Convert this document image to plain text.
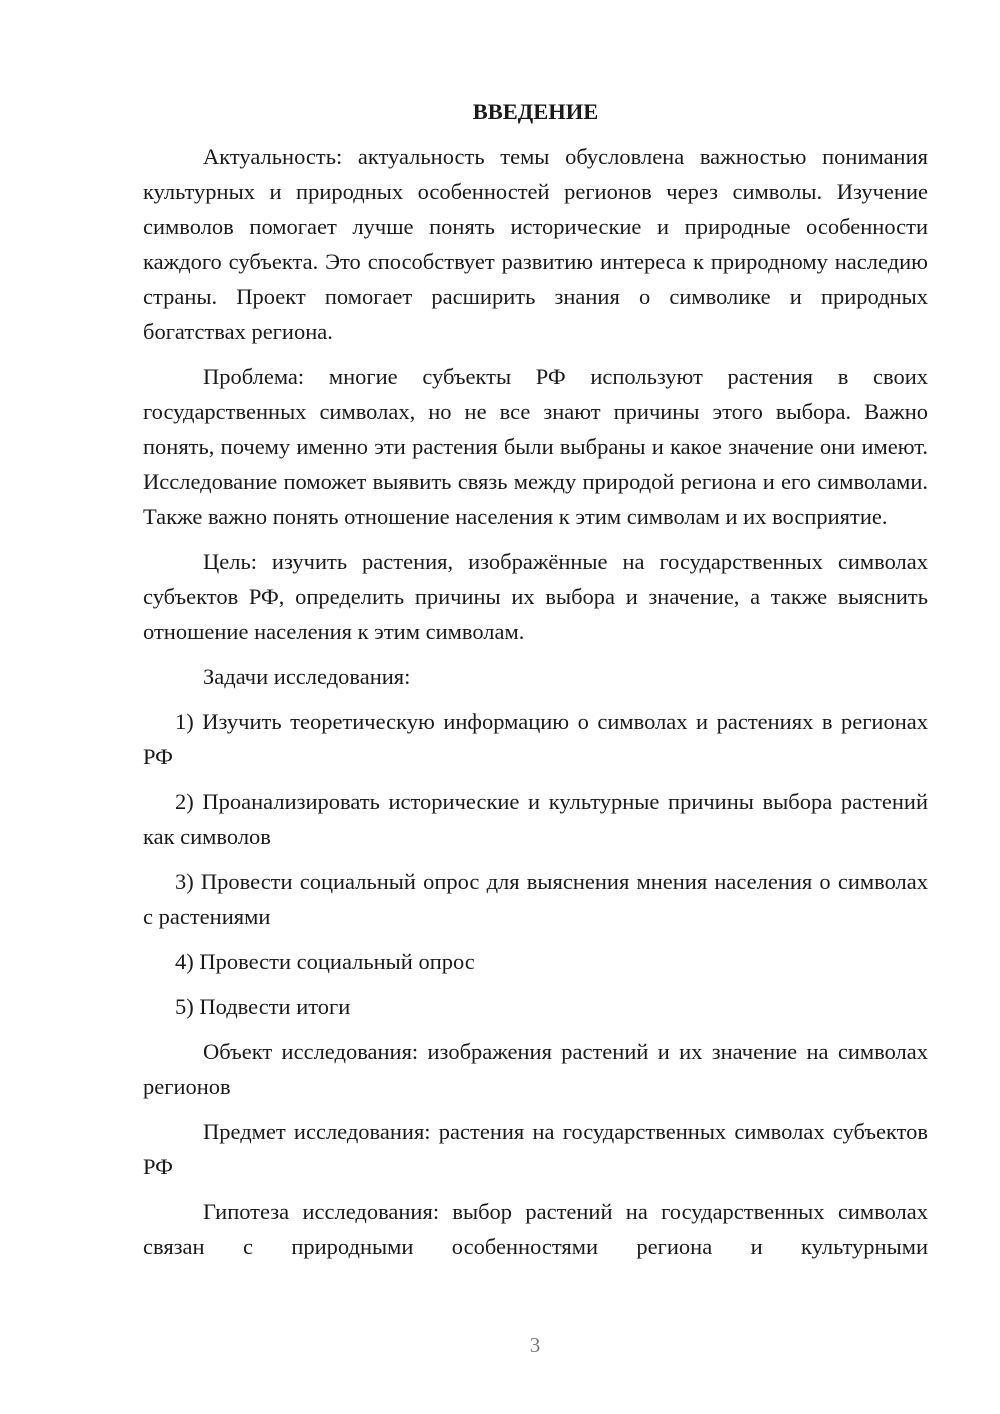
ВВЕДЕНИЕ

Актуальность: актуальность темы обусловлена важностью понимания культурных и природных особенностей регионов через символы. Изучение символов помогает лучше понять исторические и природные особенности каждого субъекта. Это способствует развитию интереса к природному наследию страны. Проект помогает расширить знания о символике и природных богатствах региона.

Проблема: многие субъекты РФ используют растения в своих государственных символах, но не все знают причины этого выбора. Важно понять, почему именно эти растения были выбраны и какое значение они имеют. Исследование поможет выявить связь между природой региона и его символами. Также важно понять отношение населения к этим символам и их восприятие.

Цель: изучить растения, изображённые на государственных символах субъектов РФ, определить причины их выбора и значение, а также выяснить отношение населения к этим символам.

Задачи исследования:

1) Изучить теоретическую информацию о символах и растениях в регионах РФ

2) Проанализировать исторические и культурные причины выбора растений как символов

3) Провести социальный опрос для выяснения мнения населения о символах с растениями

4) Провести социальный опрос

5) Подвести итоги

Объект исследования: изображения растений и их значение на символах регионов

Предмет исследования: растения на государственных символах субъектов РФ

Гипотеза исследования: выбор растений на государственных символах связан с природными особенностями региона и культурными

3
